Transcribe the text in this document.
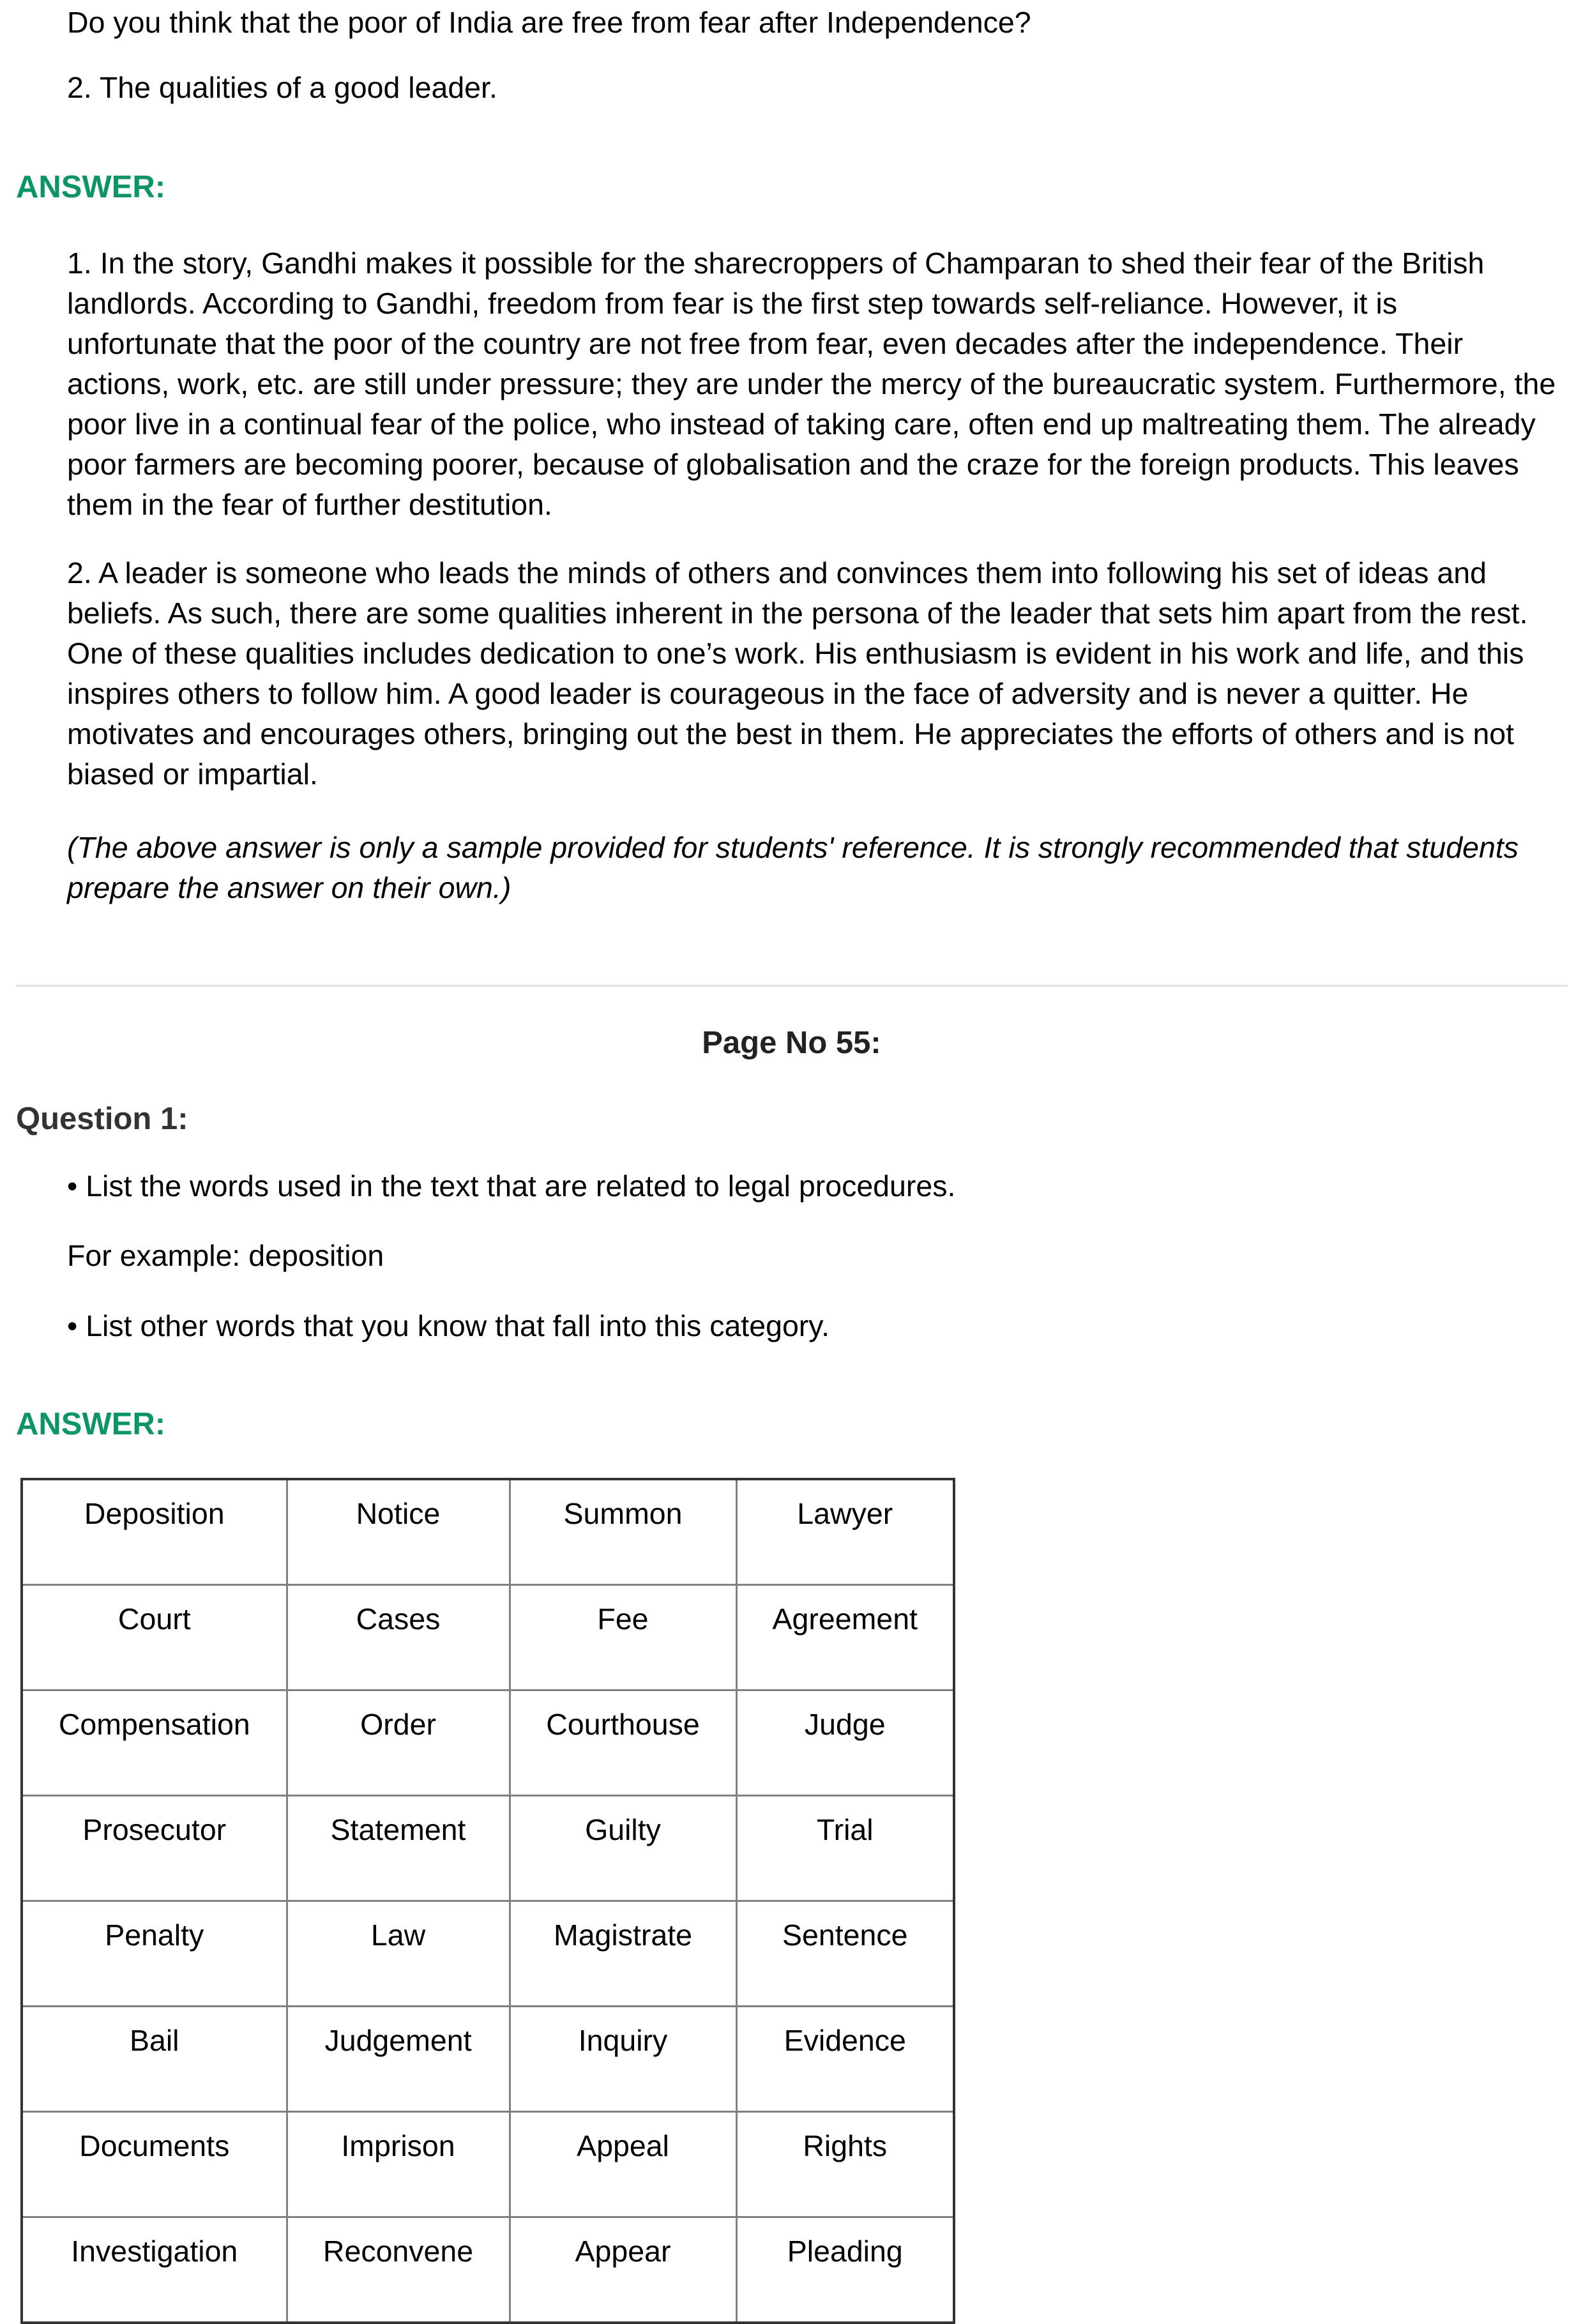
Do you think that the poor of India are free from fear after Independence?
2. The qualities of a good leader.
ANSWER:
1. In the story, Gandhi makes it possible for the sharecroppers of Champaran to shed their fear of the British
landlords. According to Gandhi, freedom from fear is the first step towards self-reliance. However, it is
unfortunate that the poor of the country are not free from fear, even decades after the independence. Their
actions, work, etc. are still under pressure; they are under the mercy of the bureaucratic system. Furthermore, the
poor live in a continual fear of the police, who instead of taking care, often end up maltreating them. The already
poor farmers are becoming poorer, because of globalisation and the craze for the foreign products. This leaves
them in the fear of further destitution.
2. A leader is someone who leads the minds of others and convinces them into following his set of ideas and
beliefs. As such, there are some qualities inherent in the persona of the leader that sets him apart from the rest.
One of these qualities includes dedication to one’s work. His enthusiasm is evident in his work and life, and this
inspires others to follow him. A good leader is courageous in the face of adversity and is never a quitter. He
motivates and encourages others, bringing out the best in them. He appreciates the efforts of others and is not
biased or impartial.
(The above answer is only a sample provided for students' reference. It is strongly recommended that students
prepare the answer on their own.)
Page No 55:
Question 1:
• List the words used in the text that are related to legal procedures.
For example: deposition
• List other words that you know that fall into this category.
ANSWER:
Deposition	Notice	Summon	Lawyer
Court	Cases	Fee	Agreement
Compensation	Order	Courthouse	Judge
Prosecutor	Statement	Guilty	Trial
Penalty	Law	Magistrate	Sentence
Bail	Judgement	Inquiry	Evidence
Documents	Imprison	Appeal	Rights
Investigation	Reconvene	Appear	Pleading
